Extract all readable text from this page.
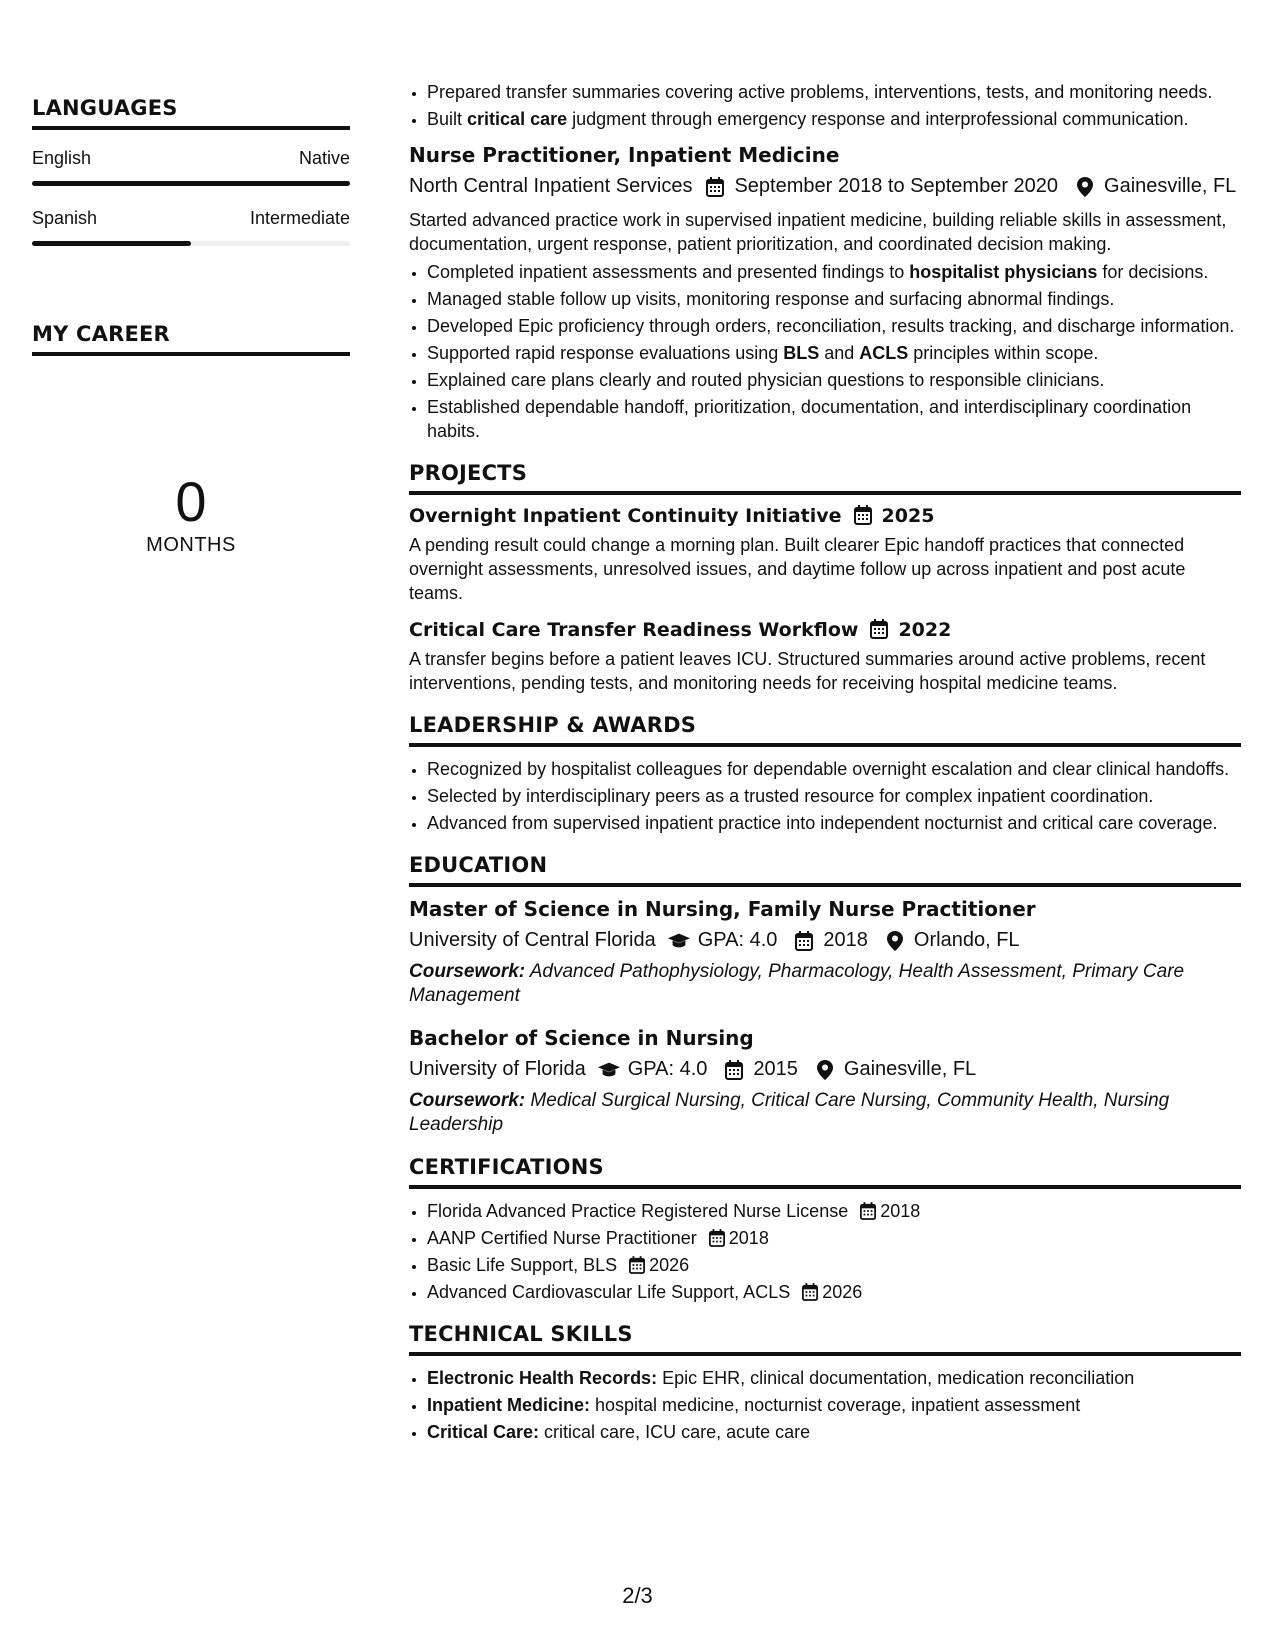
LANGUAGES
English	Native
Spanish	Intermediate
MY CAREER
0
MONTHS
• Prepared transfer summaries covering active problems, interventions, tests, and monitoring needs.
• Built critical care judgment through emergency response and interprofessional communication.
Nurse Practitioner, Inpatient Medicine
North Central Inpatient Services September 2018 to September 2020 Gainesville, FL
Started advanced practice work in supervised inpatient medicine, building reliable skills in assessment, documentation, urgent response, patient prioritization, and coordinated decision making.
• Completed inpatient assessments and presented findings to hospitalist physicians for decisions.
• Managed stable follow up visits, monitoring response and surfacing abnormal findings.
• Developed Epic proficiency through orders, reconciliation, results tracking, and discharge information.
• Supported rapid response evaluations using BLS and ACLS principles within scope.
• Explained care plans clearly and routed physician questions to responsible clinicians.
• Established dependable handoff, prioritization, documentation, and interdisciplinary coordination habits.
PROJECTS
Overnight Inpatient Continuity Initiative 2025
A pending result could change a morning plan. Built clearer Epic handoff practices that connected overnight assessments, unresolved issues, and daytime follow up across inpatient and post acute teams.
Critical Care Transfer Readiness Workflow 2022
A transfer begins before a patient leaves ICU. Structured summaries around active problems, recent interventions, pending tests, and monitoring needs for receiving hospital medicine teams.
LEADERSHIP & AWARDS
• Recognized by hospitalist colleagues for dependable overnight escalation and clear clinical handoffs.
• Selected by interdisciplinary peers as a trusted resource for complex inpatient coordination.
• Advanced from supervised inpatient practice into independent nocturnist and critical care coverage.
EDUCATION
Master of Science in Nursing, Family Nurse Practitioner
University of Central Florida GPA: 4.0 2018 Orlando, FL
Coursework: Advanced Pathophysiology, Pharmacology, Health Assessment, Primary Care Management
Bachelor of Science in Nursing
University of Florida GPA: 4.0 2015 Gainesville, FL
Coursework: Medical Surgical Nursing, Critical Care Nursing, Community Health, Nursing Leadership
CERTIFICATIONS
• Florida Advanced Practice Registered Nurse License 2018
• AANP Certified Nurse Practitioner 2018
• Basic Life Support, BLS 2026
• Advanced Cardiovascular Life Support, ACLS 2026
TECHNICAL SKILLS
• Electronic Health Records: Epic EHR, clinical documentation, medication reconciliation
• Inpatient Medicine: hospital medicine, nocturnist coverage, inpatient assessment
• Critical Care: critical care, ICU care, acute care
2/3
